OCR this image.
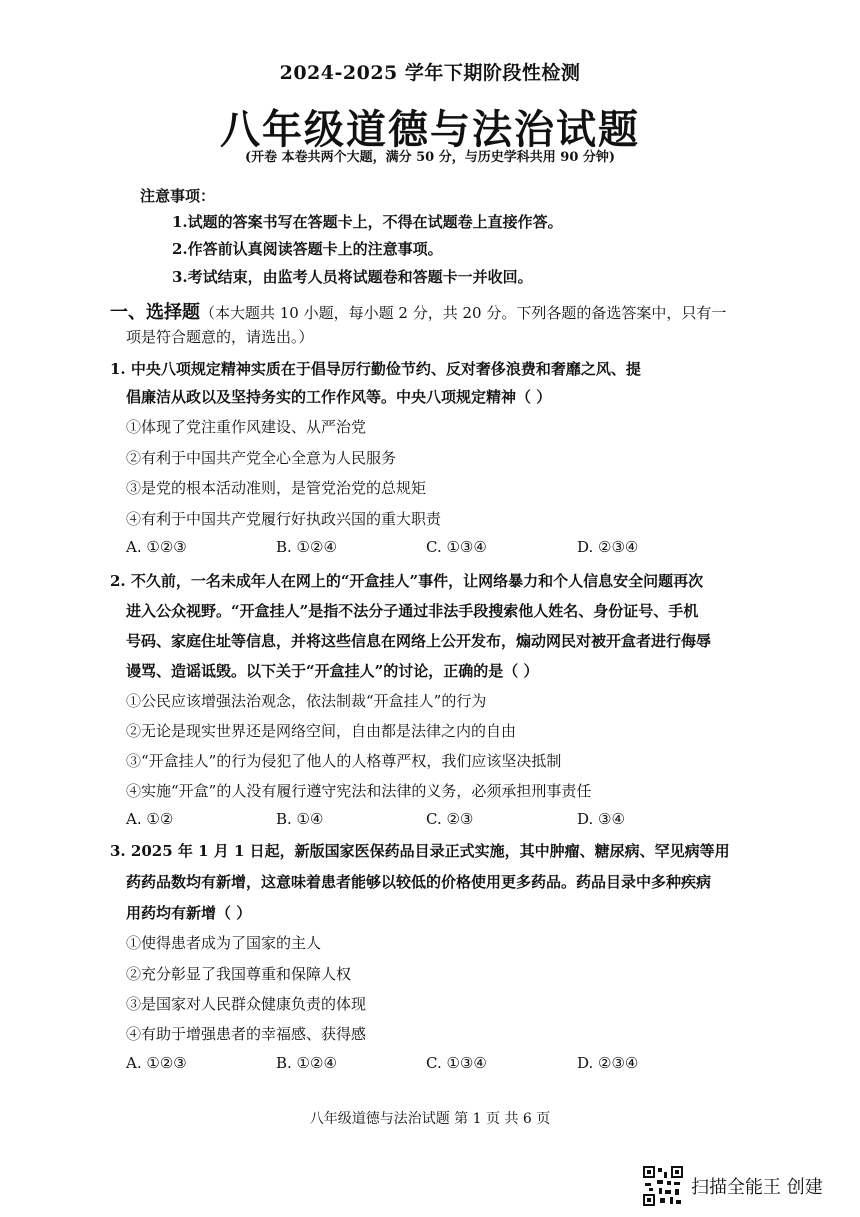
2024-2025 学年下期阶段性检测
八年级道德与法治试题
(开卷 本卷共两个大题，满分 50 分，与历史学科共用 90 分钟)
注意事项：
1.试题的答案书写在答题卡上，不得在试题卷上直接作答。
2.作答前认真阅读答题卡上的注意事项。
3.考试结束，由监考人员将试题卷和答题卡一并收回。
一、选择题（本大题共 10 小题，每小题 2 分，共 20 分。下列各题的备选答案中，只有一
项是符合题意的，请选出。）
1. 中央八项规定精神实质在于倡导厉行勤俭节约、反对奢侈浪费和奢靡之风、提
倡廉洁从政以及坚持务实的工作作风等。中央八项规定精神（ ）
①体现了党注重作风建设、从严治党
②有利于中国共产党全心全意为人民服务
③是党的根本活动准则，是管党治党的总规矩
④有利于中国共产党履行好执政兴国的重大职责
A. ①②③	B. ①②④	C. ①③④	D. ②③④
2. 不久前，一名未成年人在网上的“开盒挂人”事件，让网络暴力和个人信息安全问题再次
进入公众视野。“开盒挂人”是指不法分子通过非法手段搜索他人姓名、身份证号、手机
号码、家庭住址等信息，并将这些信息在网络上公开发布，煽动网民对被开盒者进行侮辱
谩骂、造谣诋毁。以下关于“开盒挂人”的讨论，正确的是（ ）
①公民应该增强法治观念，依法制裁“开盒挂人”的行为
②无论是现实世界还是网络空间，自由都是法律之内的自由
③“开盒挂人”的行为侵犯了他人的人格尊严权，我们应该坚决抵制
④实施“开盒”的人没有履行遵守宪法和法律的义务，必须承担刑事责任
A. ①②	B. ①④	C. ②③	D. ③④
3. 2025 年 1 月 1 日起，新版国家医保药品目录正式实施，其中肿瘤、糖尿病、罕见病等用
药药品数均有新增，这意味着患者能够以较低的价格使用更多药品。药品目录中多种疾病
用药均有新增（ ）
①使得患者成为了国家的主人
②充分彰显了我国尊重和保障人权
③是国家对人民群众健康负责的体现
④有助于增强患者的幸福感、获得感
A. ①②③	B. ①②④	C. ①③④	D. ②③④
八年级道德与法治试题 第 1 页 共 6 页
扫描全能王 创建
